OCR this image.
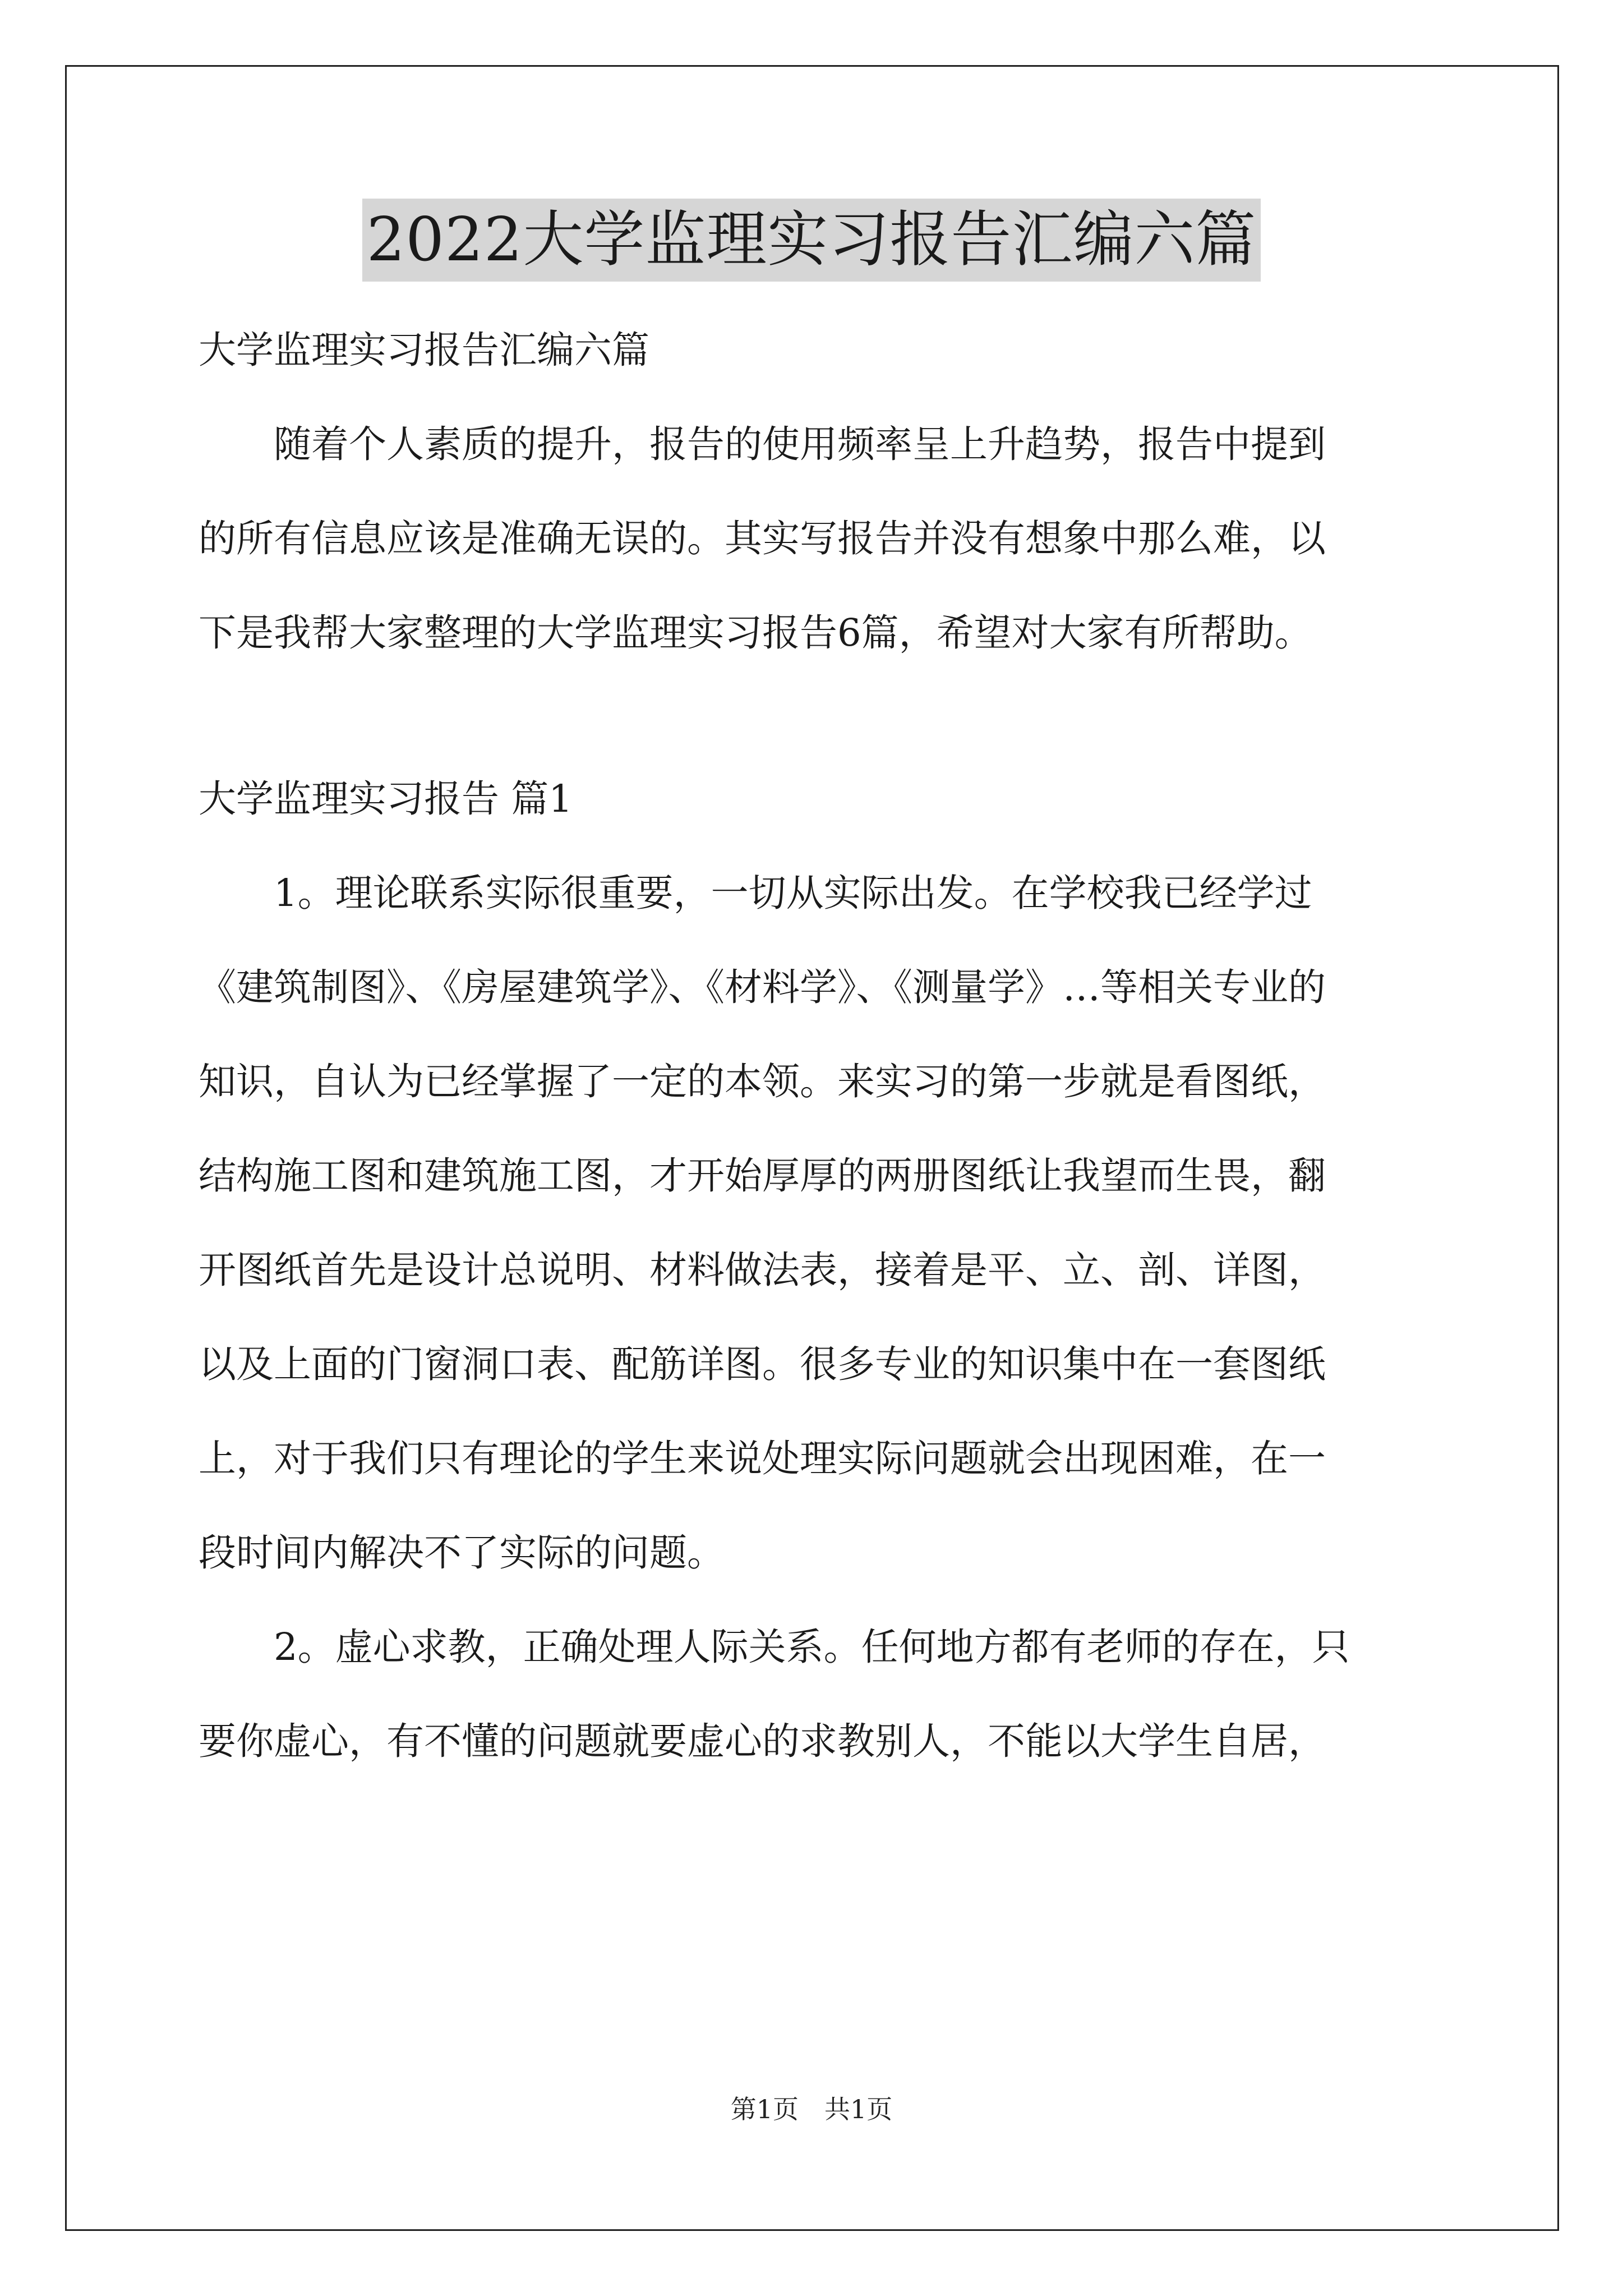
2022大学监理实习报告汇编六篇
大学监理实习报告汇编六篇
随着个人素质的提升，报告的使用频率呈上升趋势，报告中提到
的所有信息应该是准确无误的。其实写报告并没有想象中那么难，以
下是我帮大家整理的大学监理实习报告6篇，希望对大家有所帮助。
大学监理实习报告 篇1
1。理论联系实际很重要，一切从实际出发。在学校我已经学过
《建筑制图》、《房屋建筑学》、《材料学》、《测量学》…等相关专业的
知识，自认为已经掌握了一定的本领。来实习的第一步就是看图纸，
结构施工图和建筑施工图，才开始厚厚的两册图纸让我望而生畏，翻
开图纸首先是设计总说明、材料做法表，接着是平、立、剖、详图，
以及上面的门窗洞口表、配筋详图。很多专业的知识集中在一套图纸
上，对于我们只有理论的学生来说处理实际问题就会出现困难，在一
段时间内解决不了实际的问题。
2。虚心求教，正确处理人际关系。任何地方都有老师的存在，只
要你虚心，有不懂的问题就要虚心的求教别人，不能以大学生自居，
第1页　共1页
